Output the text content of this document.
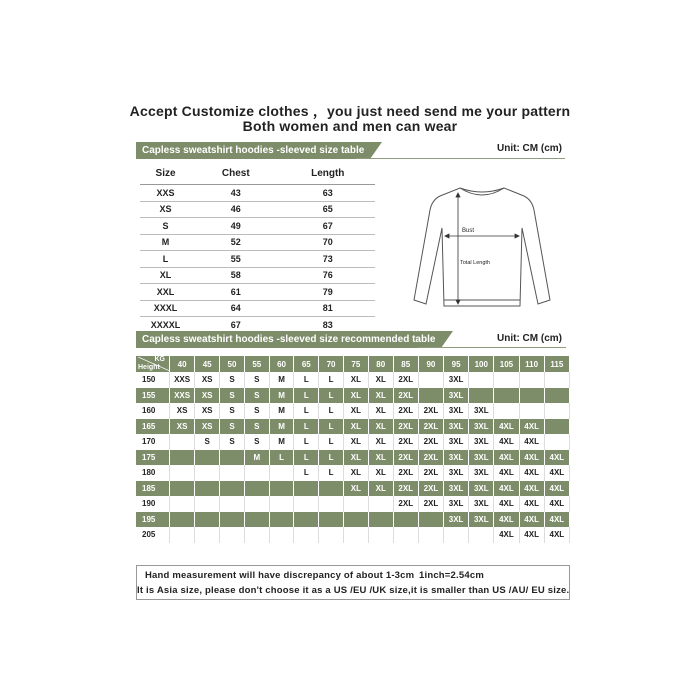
Accept Customize clothes ，you just need send me your pattern
Both women and men can wear
Capless sweatshirt hoodies -sleeved size table	Unit: CM (cm)
Size	Chest	Length
XXS	43	63
XS	46	65
S	49	67
M	52	70
L	55	73
XL	58	76
XXL	61	79
XXXL	64	81
XXXXL	67	83
Bust
Total Length
Capless sweatshirt hoodies -sleeved size recommended table	Unit: CM (cm)
KG
Height	40	45	50	55	60	65	70	75	80	85	90	95	100	105	110	115
150	XXS	XS	S	S	M	L	L	XL	XL	2XL		3XL				
155	XXS	XS	S	S	M	L	L	XL	XL	2XL		3XL				
160	XS	XS	S	S	M	L	L	XL	XL	2XL	2XL	3XL	3XL			
165	XS	XS	S	S	M	L	L	XL	XL	2XL	2XL	3XL	3XL	4XL	4XL	
170		S	S	S	M	L	L	XL	XL	2XL	2XL	3XL	3XL	4XL	4XL	
175				M	L	L	L	XL	XL	2XL	2XL	3XL	3XL	4XL	4XL	4XL
180						L	L	XL	XL	2XL	2XL	3XL	3XL	4XL	4XL	4XL
185								XL	XL	2XL	2XL	3XL	3XL	4XL	4XL	4XL
190										2XL	2XL	3XL	3XL	4XL	4XL	4XL
195												3XL	3XL	4XL	4XL	4XL
205														4XL	4XL	4XL
Hand measurement will have discrepancy of about 1-3cm 1inch=2.54cm
It is Asia size, please don't choose it as a US /EU /UK size,it is smaller than US /AU/ EU size.
